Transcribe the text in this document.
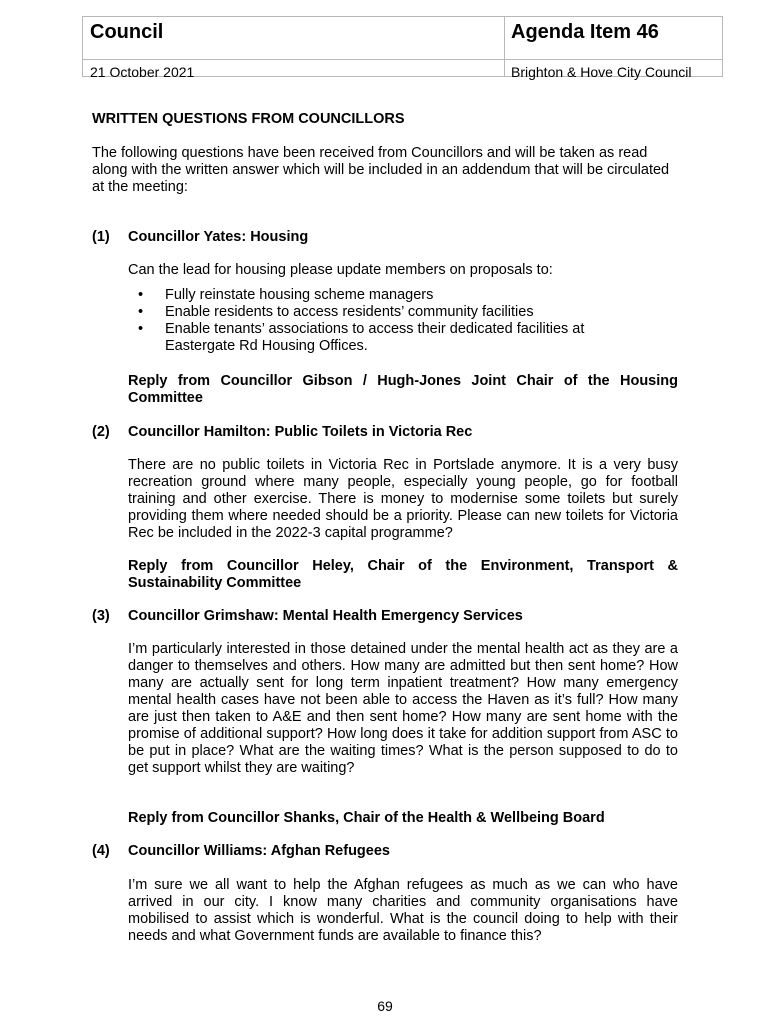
Council
21 October 2021
Agenda Item 46
Brighton & Hove City Council
WRITTEN QUESTIONS FROM COUNCILLORS
The following questions have been received from Councillors and will be taken as read along with the written answer which will be included in an addendum that will be circulated at the meeting:
(1) Councillor Yates: Housing
Can the lead for housing please update members on proposals to:
• Fully reinstate housing scheme managers
• Enable residents to access residents’ community facilities
• Enable tenants’ associations to access their dedicated facilities at Eastergate Rd Housing Offices.
Reply from Councillor Gibson / Hugh-Jones Joint Chair of the Housing Committee
(2) Councillor Hamilton: Public Toilets in Victoria Rec
There are no public toilets in Victoria Rec in Portslade anymore. It is a very busy recreation ground where many people, especially young people, go for football training and other exercise. There is money to modernise some toilets but surely providing them where needed should be a priority. Please can new toilets for Victoria Rec be included in the 2022-3 capital programme?
Reply from Councillor Heley, Chair of the Environment, Transport & Sustainability Committee
(3) Councillor Grimshaw: Mental Health Emergency Services
I’m particularly interested in those detained under the mental health act as they are a danger to themselves and others. How many are admitted but then sent home? How many are actually sent for long term inpatient treatment? How many emergency mental health cases have not been able to access the Haven as it’s full? How many are just then taken to A&E and then sent home? How many are sent home with the promise of additional support? How long does it take for addition support from ASC to be put in place? What are the waiting times? What is the person supposed to do to get support whilst they are waiting?
Reply from Councillor Shanks, Chair of the Health & Wellbeing Board
(4) Councillor Williams: Afghan Refugees
I’m sure we all want to help the Afghan refugees as much as we can who have arrived in our city. I know many charities and community organisations have mobilised to assist which is wonderful. What is the council doing to help with their needs and what Government funds are available to finance this?
69
